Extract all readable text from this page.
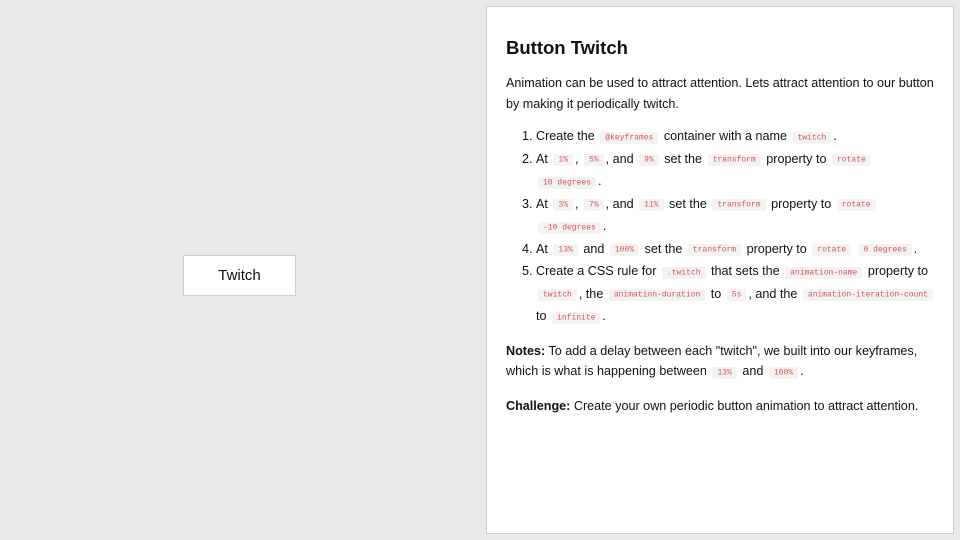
Twitch
Button Twitch

Animation can be used to attract attention. Lets attract attention to our button by making it periodically twitch.

1. Create the @keyframes container with a name twitch .
2. At 1% , 5% , and 9% set the transform property to rotate 10 degrees .
3. At 3% , 7% , and 11% set the transform property to rotate -10 degrees .
4. At 13% and 100% set the transform property to rotate 0 degrees .
5. Create a CSS rule for .twitch that sets the animation-name property to twitch , the animation-duration to 5s , and the animation-iteration-count to infinite .

Notes: To add a delay between each "twitch", we built into our keyframes, which is what is happening between 13% and 100% .

Challenge: Create your own periodic button animation to attract attention.
